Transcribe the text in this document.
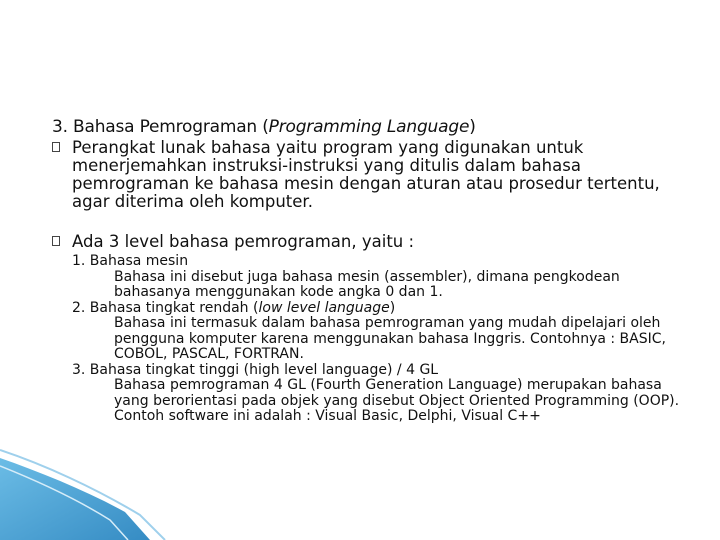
3. Bahasa Pemrograman (Programming Language)
Perangkat lunak bahasa yaitu program yang digunakan untuk menerjemahkan instruksi-instruksi yang ditulis dalam bahasa pemrograman ke bahasa mesin dengan aturan atau prosedur tertentu, agar diterima oleh komputer.
Ada 3 level bahasa pemrograman, yaitu :
1. Bahasa mesin
Bahasa ini disebut juga bahasa mesin (assembler), dimana pengkodean bahasanya menggunakan kode angka 0 dan 1.
2. Bahasa tingkat rendah (low level language)
Bahasa ini termasuk dalam bahasa pemrograman yang mudah dipelajari oleh pengguna komputer karena menggunakan bahasa Inggris. Contohnya : BASIC, COBOL, PASCAL, FORTRAN.
3. Bahasa tingkat tinggi (high level language) / 4 GL
Bahasa pemrograman 4 GL (Fourth Generation Language) merupakan bahasa yang berorientasi pada objek yang disebut Object Oriented Programming (OOP). Contoh software ini adalah : Visual Basic, Delphi, Visual C++
